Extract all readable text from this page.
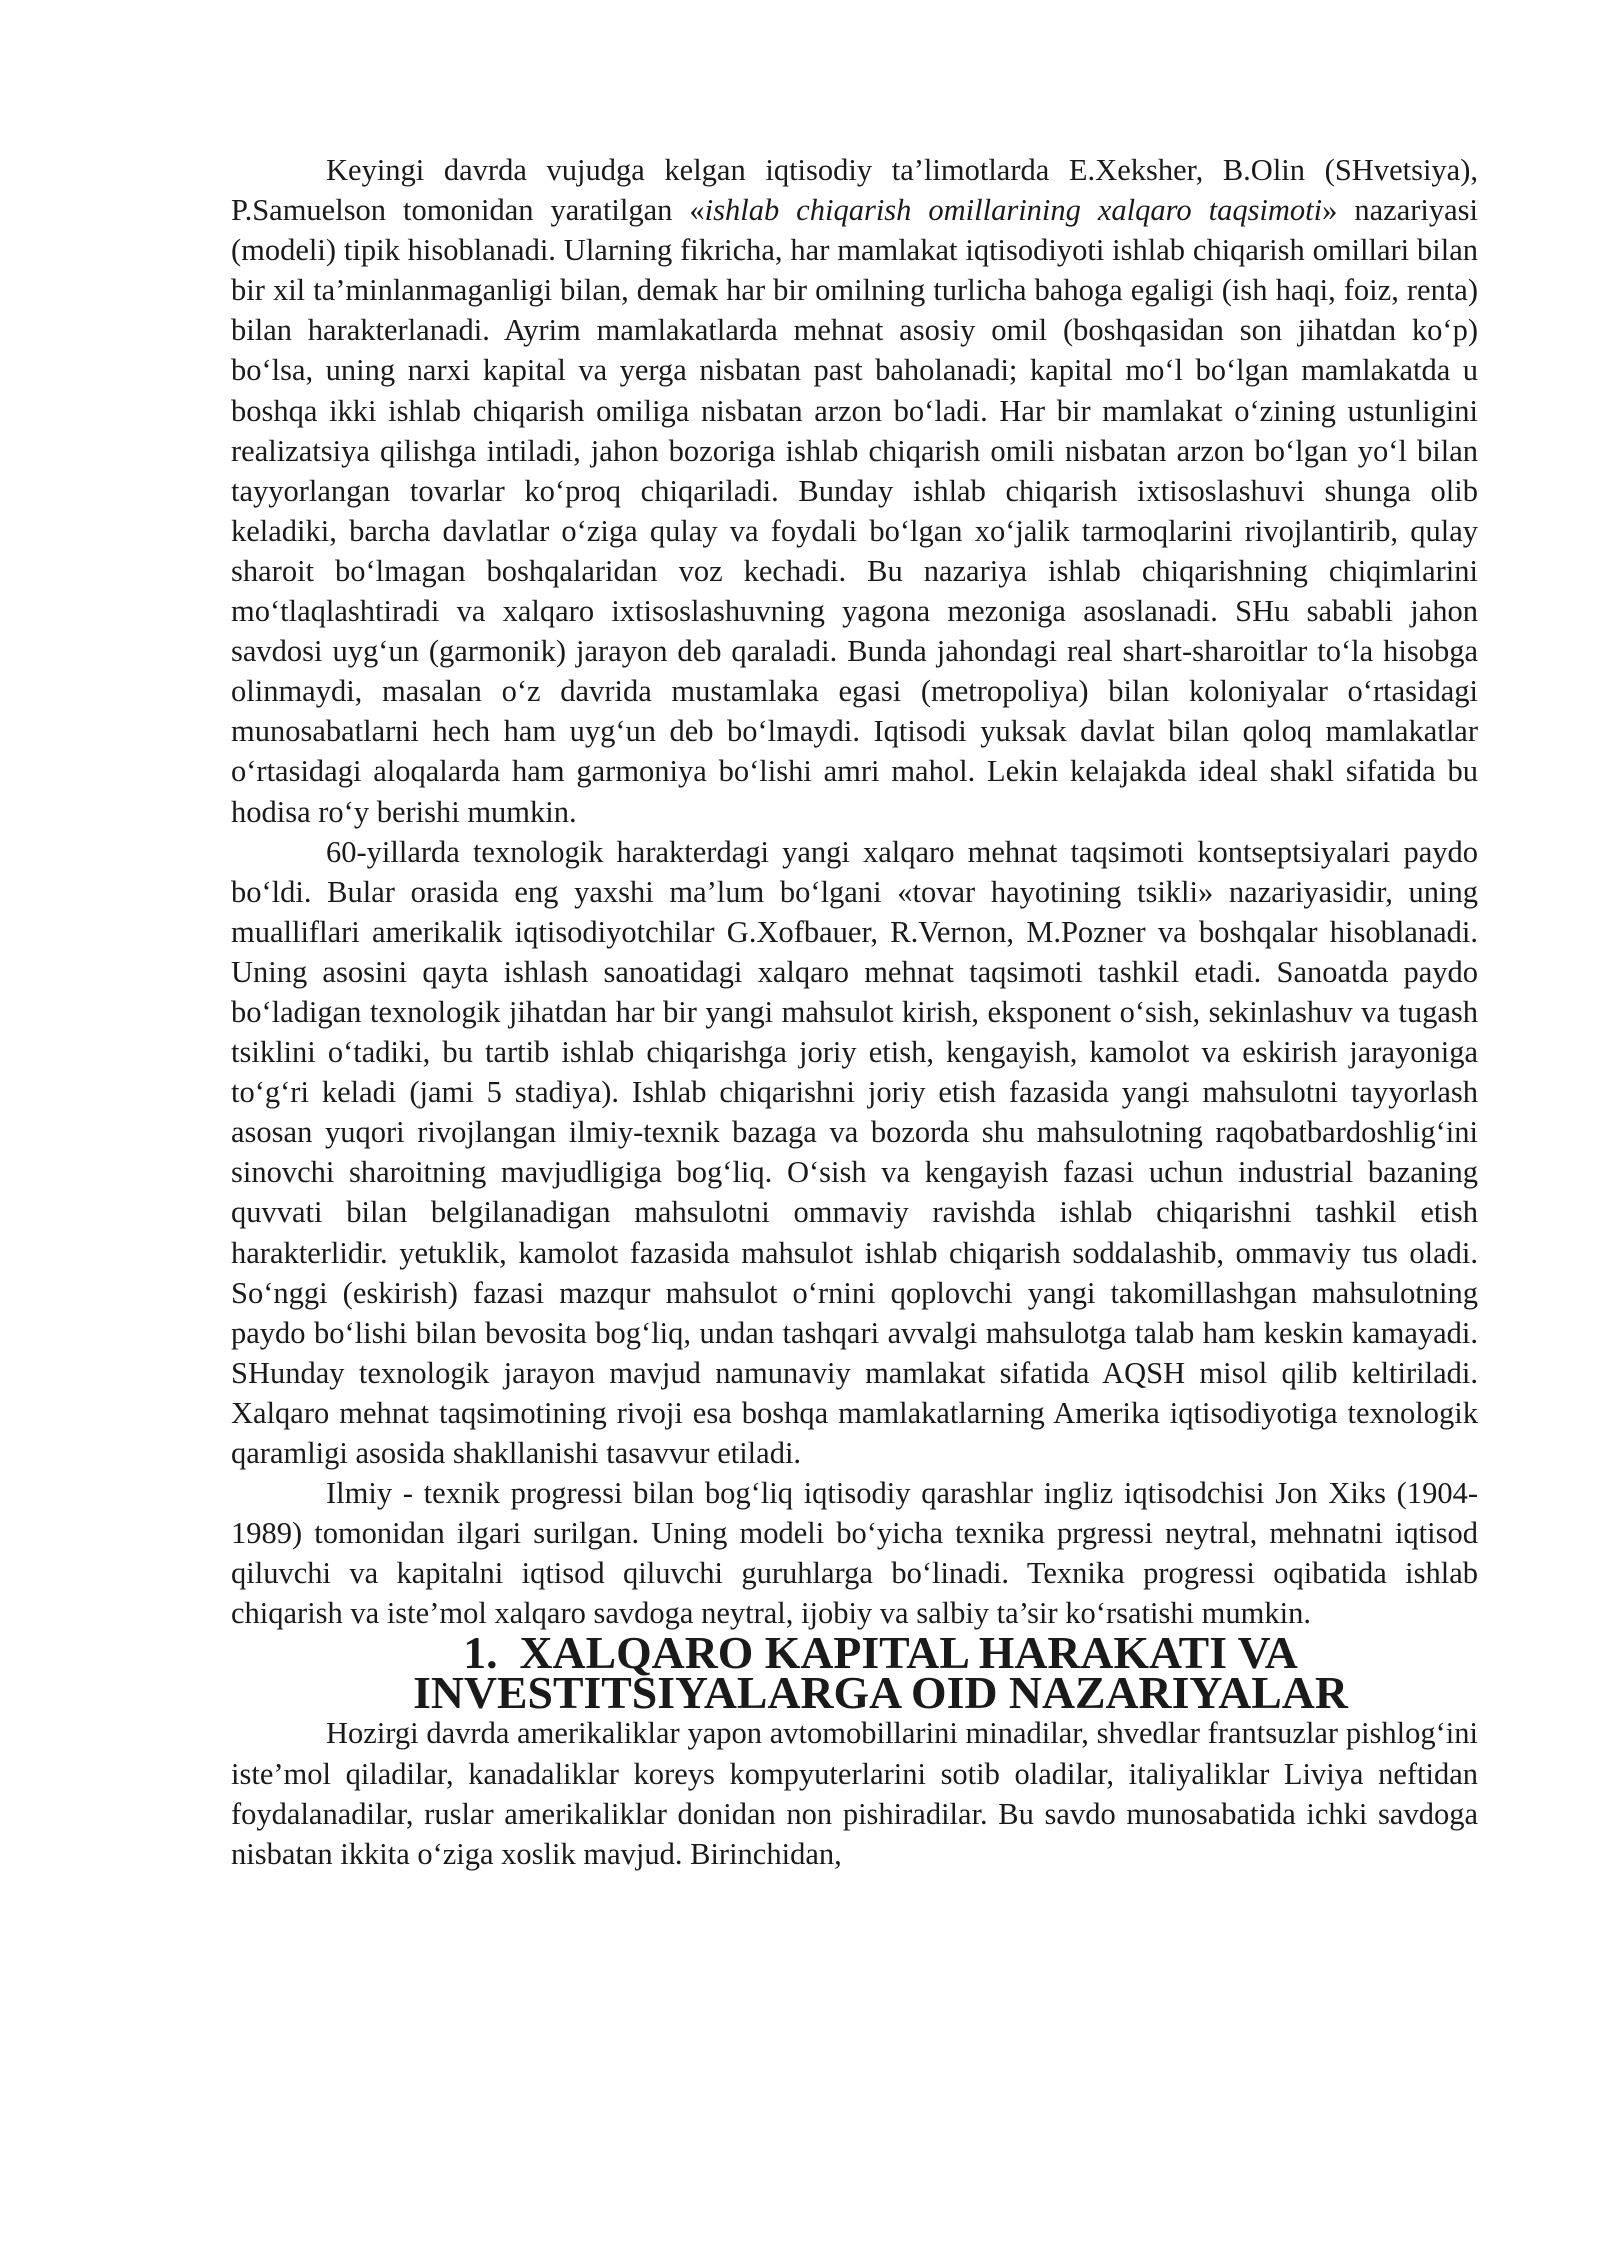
Keyingi davrda vujudga kelgan iqtisodiy ta’limotlarda E.Xeksher, B.Olin (SHvetsiya), P.Samuelson tomonidan yaratilgan «ishlab chiqarish omillarining xalqaro taqsimoti» nazariyasi (modeli) tipik hisoblanadi. Ularning fikricha, har mamlakat iqtisodiyoti ishlab chiqarish omillari bilan bir xil ta’minlanmaganligi bilan, demak har bir omilning turlicha bahoga egaligi (ish haqi, foiz, renta) bilan harakterlanadi. Ayrim mamlakatlarda mehnat asosiy omil (boshqasidan son jihatdan ko‘p) bo‘lsa, uning narxi kapital va yerga nisbatan past baholanadi; kapital mo‘l bo‘lgan mamlakatda u boshqa ikki ishlab chiqarish omiliga nisbatan arzon bo‘ladi. Har bir mamlakat o‘zining ustunligini realizatsiya qilishga intiladi, jahon bozoriga ishlab chiqarish omili nisbatan arzon bo‘lgan yo‘l bilan tayyorlangan tovarlar ko‘proq chiqariladi. Bunday ishlab chiqarish ixtisoslashuvi shunga olib keladiki, barcha davlatlar o‘ziga qulay va foydali bo‘lgan xo‘jalik tarmoqlarini rivojlantirib, qulay sharoit bo‘lmagan boshqalaridan voz kechadi. Bu nazariya ishlab chiqarishning chiqimlarini mo‘tlaqlashtiradi va xalqaro ixtisoslashuvning yagona mezoniga asoslanadi. SHu sababli jahon savdosi uyg‘un (garmonik) jarayon deb qaraladi. Bunda jahondagi real shart-sharoitlar to‘la hisobga olinmaydi, masalan o‘z davrida mustamlaka egasi (metropoliya) bilan koloniyalar o‘rtasidagi munosabatlarni hech ham uyg‘un deb bo‘lmaydi. Iqtisodi yuksak davlat bilan qoloq mamlakatlar o‘rtasidagi aloqalarda ham garmoniya bo‘lishi amri mahol. Lekin kelajakda ideal shakl sifatida bu hodisa ro‘y berishi mumkin.

60-yillarda texnologik harakterdagi yangi xalqaro mehnat taqsimoti kontseptsiyalari paydo bo‘ldi. Bular orasida eng yaxshi ma’lum bo‘lgani «tovar hayotining tsikli» nazariyasidir, uning mualliflari amerikalik iqtisodiyotchilar G.Xofbauer, R.Vernon, M.Pozner va boshqalar hisoblanadi. Uning asosini qayta ishlash sanoatidagi xalqaro mehnat taqsimoti tashkil etadi. Sanoatda paydo bo‘ladigan texnologik jihatdan har bir yangi mahsulot kirish, eksponent o‘sish, sekinlashuv va tugash tsiklini o‘tadiki, bu tartib ishlab chiqarishga joriy etish, kengayish, kamolot va eskirish jarayoniga to‘g‘ri keladi (jami 5 stadiya). Ishlab chiqarishni joriy etish fazasida yangi mahsulotni tayyorlash asosan yuqori rivojlangan ilmiy-texnik bazaga va bozorda shu mahsulotning raqobatbardoshlig‘ini sinovchi sharoitning mavjudligiga bog‘liq. O‘sish va kengayish fazasi uchun industrial bazaning quvvati bilan belgilanadigan mahsulotni ommaviy ravishda ishlab chiqarishni tashkil etish harakterlidir. yetuklik, kamolot fazasida mahsulot ishlab chiqarish soddalashib, ommaviy tus oladi. So‘nggi (eskirish) fazasi mazqur mahsulot o‘rnini qoplovchi yangi takomillashgan mahsulotning paydo bo‘lishi bilan bevosita bog‘liq, undan tashqari avvalgi mahsulotga talab ham keskin kamayadi. SHunday texnologik jarayon mavjud namunaviy mamlakat sifatida AQSH misol qilib keltiriladi. Xalqaro mehnat taqsimotining rivoji esa boshqa mamlakatlarning Amerika iqtisodiyotiga texnologik qaramligi asosida shakllanishi tasavvur etiladi.

Ilmiy - texnik progressi bilan bog‘liq iqtisodiy qarashlar ingliz iqtisodchisi Jon Xiks (1904-1989) tomonidan ilgari surilgan. Uning modeli bo‘yicha texnika prgressi neytral, mehnatni iqtisod qiluvchi va kapitalni iqtisod qiluvchi guruhlarga bo‘linadi. Texnika progressi oqibatida ishlab chiqarish va iste’mol xalqaro savdoga neytral, ijobiy va salbiy ta’sir ko‘rsatishi mumkin.

1. XALQARO KAPITAL HARAKATI VA INVESTITSIYALARGA OID NAZARIYALAR

Hozirgi davrda amerikaliklar yapon avtomobillarini minadilar, shvedlar frantsuzlar pishlog‘ini iste’mol qiladilar, kanadaliklar koreys kompyuterlarini sotib oladilar, italiyaliklar Liviya neftidan foydalanadilar, ruslar amerikaliklar donidan non pishiradilar. Bu savdo munosabatida ichki savdoga nisbatan ikkita o‘ziga xoslik mavjud. Birinchidan,
